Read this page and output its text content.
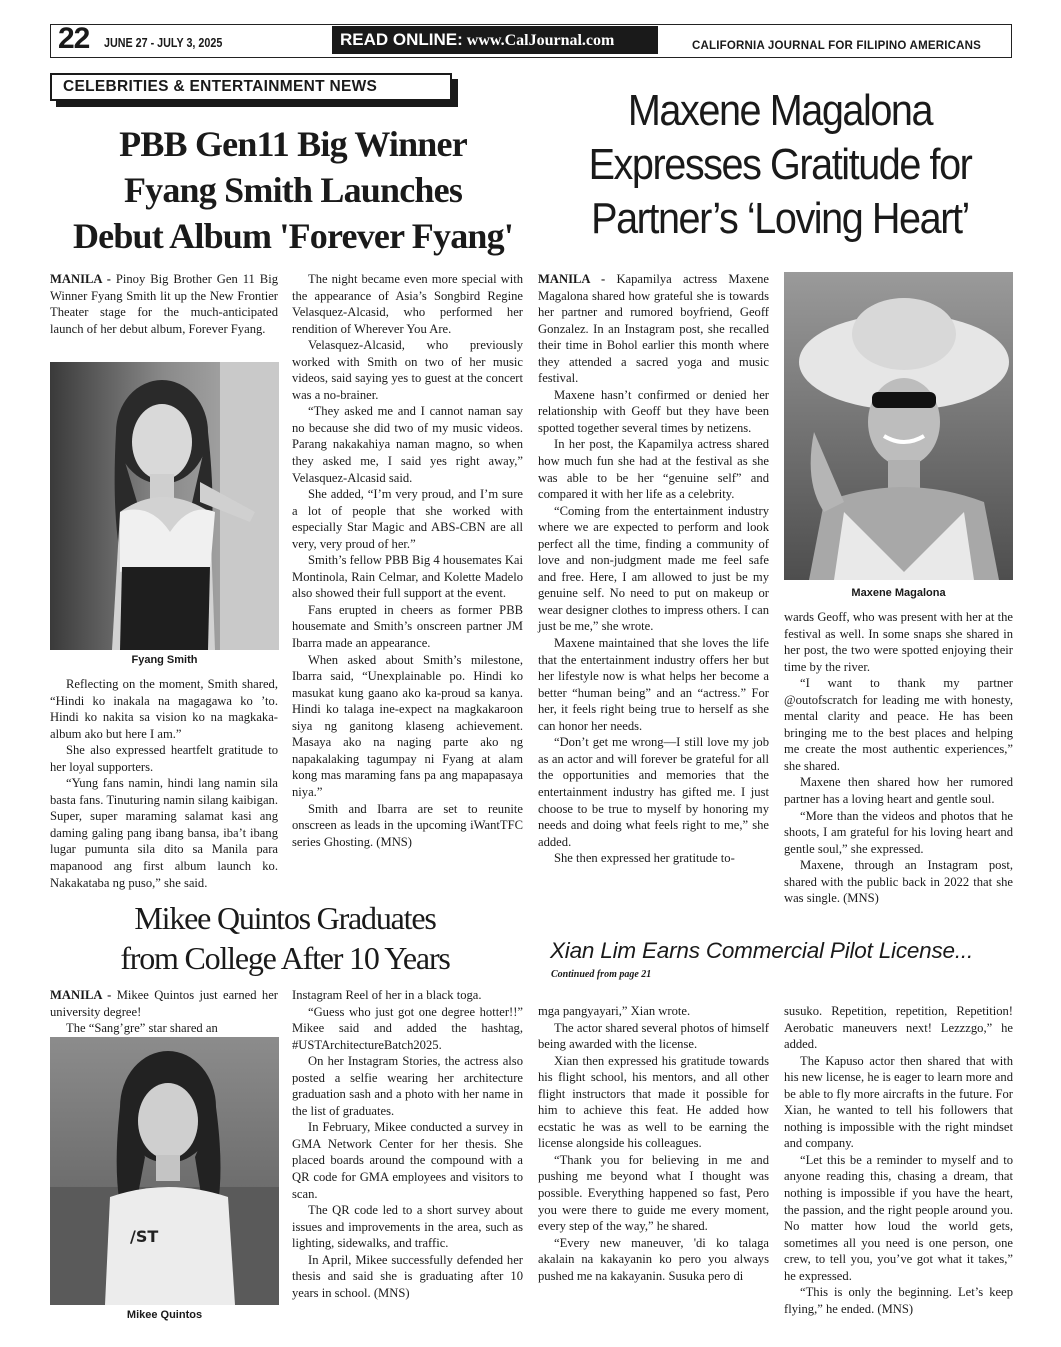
22 JUNE 27 - JULY 3, 2025	READ ONLINE: www.CalJournal.com	CALIFORNIA JOURNAL FOR FILIPINO AMERICANS
CELEBRITIES & ENTERTAINMENT NEWS
PBB Gen11 Big Winner
Fyang Smith Launches
Debut Album 'Forever Fyang'
Maxene Magalona
Expresses Gratitude for
Partner’s ‘Loving Heart’

MANILA - Pinoy Big Brother Gen 11 Big Winner Fyang Smith lit up the New Frontier Theater stage for the much-anticipated launch of her debut album, Forever Fyang.

Fyang Smith

Reflecting on the moment, Smith shared, “Hindi ko inakala na magagawa ko ’to. Hindi ko nakita sa vision ko na magkaka-album ako but here I am.”

She also expressed heartfelt gratitude to her loyal supporters.

“Yung fans namin, hindi lang namin sila basta fans. Tinuturing namin silang kaibigan. Super, super maraming salamat kasi ang daming galing pang ibang bansa, iba’t ibang lugar pumunta sila dito sa Manila para mapanood ang first album launch ko. Nakakataba ng puso,” she said.

The night became even more special with the appearance of Asia’s Songbird Regine Velasquez-Alcasid, who performed her rendition of Wherever You Are.

Velasquez-Alcasid, who previously worked with Smith on two of her music videos, said saying yes to guest at the concert was a no-brainer.

“They asked me and I cannot naman say no because she did two of my music videos. Parang nakakahiya naman magno, so when they asked me, I said yes right away,” Velasquez-Alcasid said.

She added, “I’m very proud, and I’m sure a lot of people that she worked with especially Star Magic and ABS-CBN are all very, very proud of her.”

Smith’s fellow PBB Big 4 housemates Kai Montinola, Rain Celmar, and Kolette Madelo also showed their full support at the event.

Fans erupted in cheers as former PBB housemate and Smith’s onscreen partner JM Ibarra made an appearance.

When asked about Smith’s milestone, Ibarra said, “Unexplainable po. Hindi ko masukat kung gaano ako ka-proud sa kanya. Hindi ko talaga ine-expect na magkakaroon siya ng ganitong klaseng achievement. Masaya ako na naging parte ako ng napakalaking tagumpay ni Fyang at alam kong mas maraming fans pa ang mapapasaya niya.”

Smith and Ibarra are set to reunite onscreen as leads in the upcoming iWantTFC series Ghosting. (MNS)

MANILA - Kapamilya actress Maxene Magalona shared how grateful she is towards her partner and rumored boyfriend, Geoff Gonzalez. In an Instagram post, she recalled their time in Bohol earlier this month where they attended a sacred yoga and music festival.

Maxene hasn’t confirmed or denied her relationship with Geoff but they have been spotted together several times by netizens.

In her post, the Kapamilya actress shared how much fun she had at the festival as she was able to be her “genuine self” and compared it with her life as a celebrity.

“Coming from the entertainment industry where we are expected to perform and look perfect all the time, finding a community of love and non-judgment made me feel safe and free. Here, I am allowed to just be my genuine self. No need to put on makeup or wear designer clothes to impress others. I can just be me,” she wrote.

Maxene maintained that she loves the life that the entertainment industry offers her but her lifestyle now is what helps her become a better “human being” and an “actress.” For her, it feels right being true to herself as she can honor her needs.

“Don’t get me wrong—I still love my job as an actor and will forever be grateful for all the opportunities and memories that the entertainment industry has gifted me. I just choose to be true to myself by honoring my needs and doing what feels right to me,” she added.

She then expressed her gratitude to-

Maxene Magalona

wards Geoff, who was present with her at the festival as well. In some snaps she shared in her post, the two were spotted enjoying their time by the river.

“I want to thank my partner @outofscratch for leading me with honesty, mental clarity and peace. He has been bringing me to the best places and helping me create the most authentic experiences,” she shared.

Maxene then shared how her rumored partner has a loving heart and gentle soul.

“More than the videos and photos that he shoots, I am grateful for his loving heart and gentle soul,” she expressed.

Maxene, through an Instagram post, shared with the public back in 2022 that she was single. (MNS)

Mikee Quintos Graduates
from College After 10 Years	Xian Lim Earns Commercial Pilot License...
Continued from page 21

MANILA - Mikee Quintos just earned her university degree!

The “Sang’gre” star shared an

/ST
Mikee Quintos

Instagram Reel of her in a black toga.

“Guess who just got one degree hotter!!” Mikee said and added the hashtag, #USTArchitectureBatch2025.

On her Instagram Stories, the actress also posted a selfie wearing her architecture graduation sash and a photo with her name in the list of graduates.

In February, Mikee conducted a survey in GMA Network Center for her thesis. She placed boards around the compound with a QR code for GMA employees and visitors to scan.

The QR code led to a short survey about issues and improvements in the area, such as lighting, sidewalks, and traffic.

In April, Mikee successfully defended her thesis and said she is graduating after 10 years in school. (MNS)

mga pangyayari,” Xian wrote.

The actor shared several photos of himself being awarded with the license.

Xian then expressed his gratitude towards his flight school, his mentors, and all other flight instructors that made it possible for him to achieve this feat. He added how ecstatic he was as well to be earning the license alongside his colleagues.

“Thank you for believing in me and pushing me beyond what I thought was possible. Everything happened so fast, Pero you were there to guide me every moment, every step of the way,” he shared.

“Every new maneuver, 'di ko talaga akalain na kakayanin ko pero you always pushed me na kakayanin. Susuka pero di

susuko. Repetition, repetition, Repetition! Aerobatic maneuvers next! Lezzzgo,” he added.

The Kapuso actor then shared that with his new license, he is eager to learn more and be able to fly more aircrafts in the future. For Xian, he wanted to tell his followers that nothing is impossible with the right mindset and company.

“Let this be a reminder to myself and to anyone reading this, chasing a dream, that nothing is impossible if you have the heart, the passion, and the right people around you. No matter how loud the world gets, sometimes all you need is one person, one crew, to tell you, you’ve got what it takes,” he expressed.

“This is only the beginning. Let’s keep flying,” he ended. (MNS)
